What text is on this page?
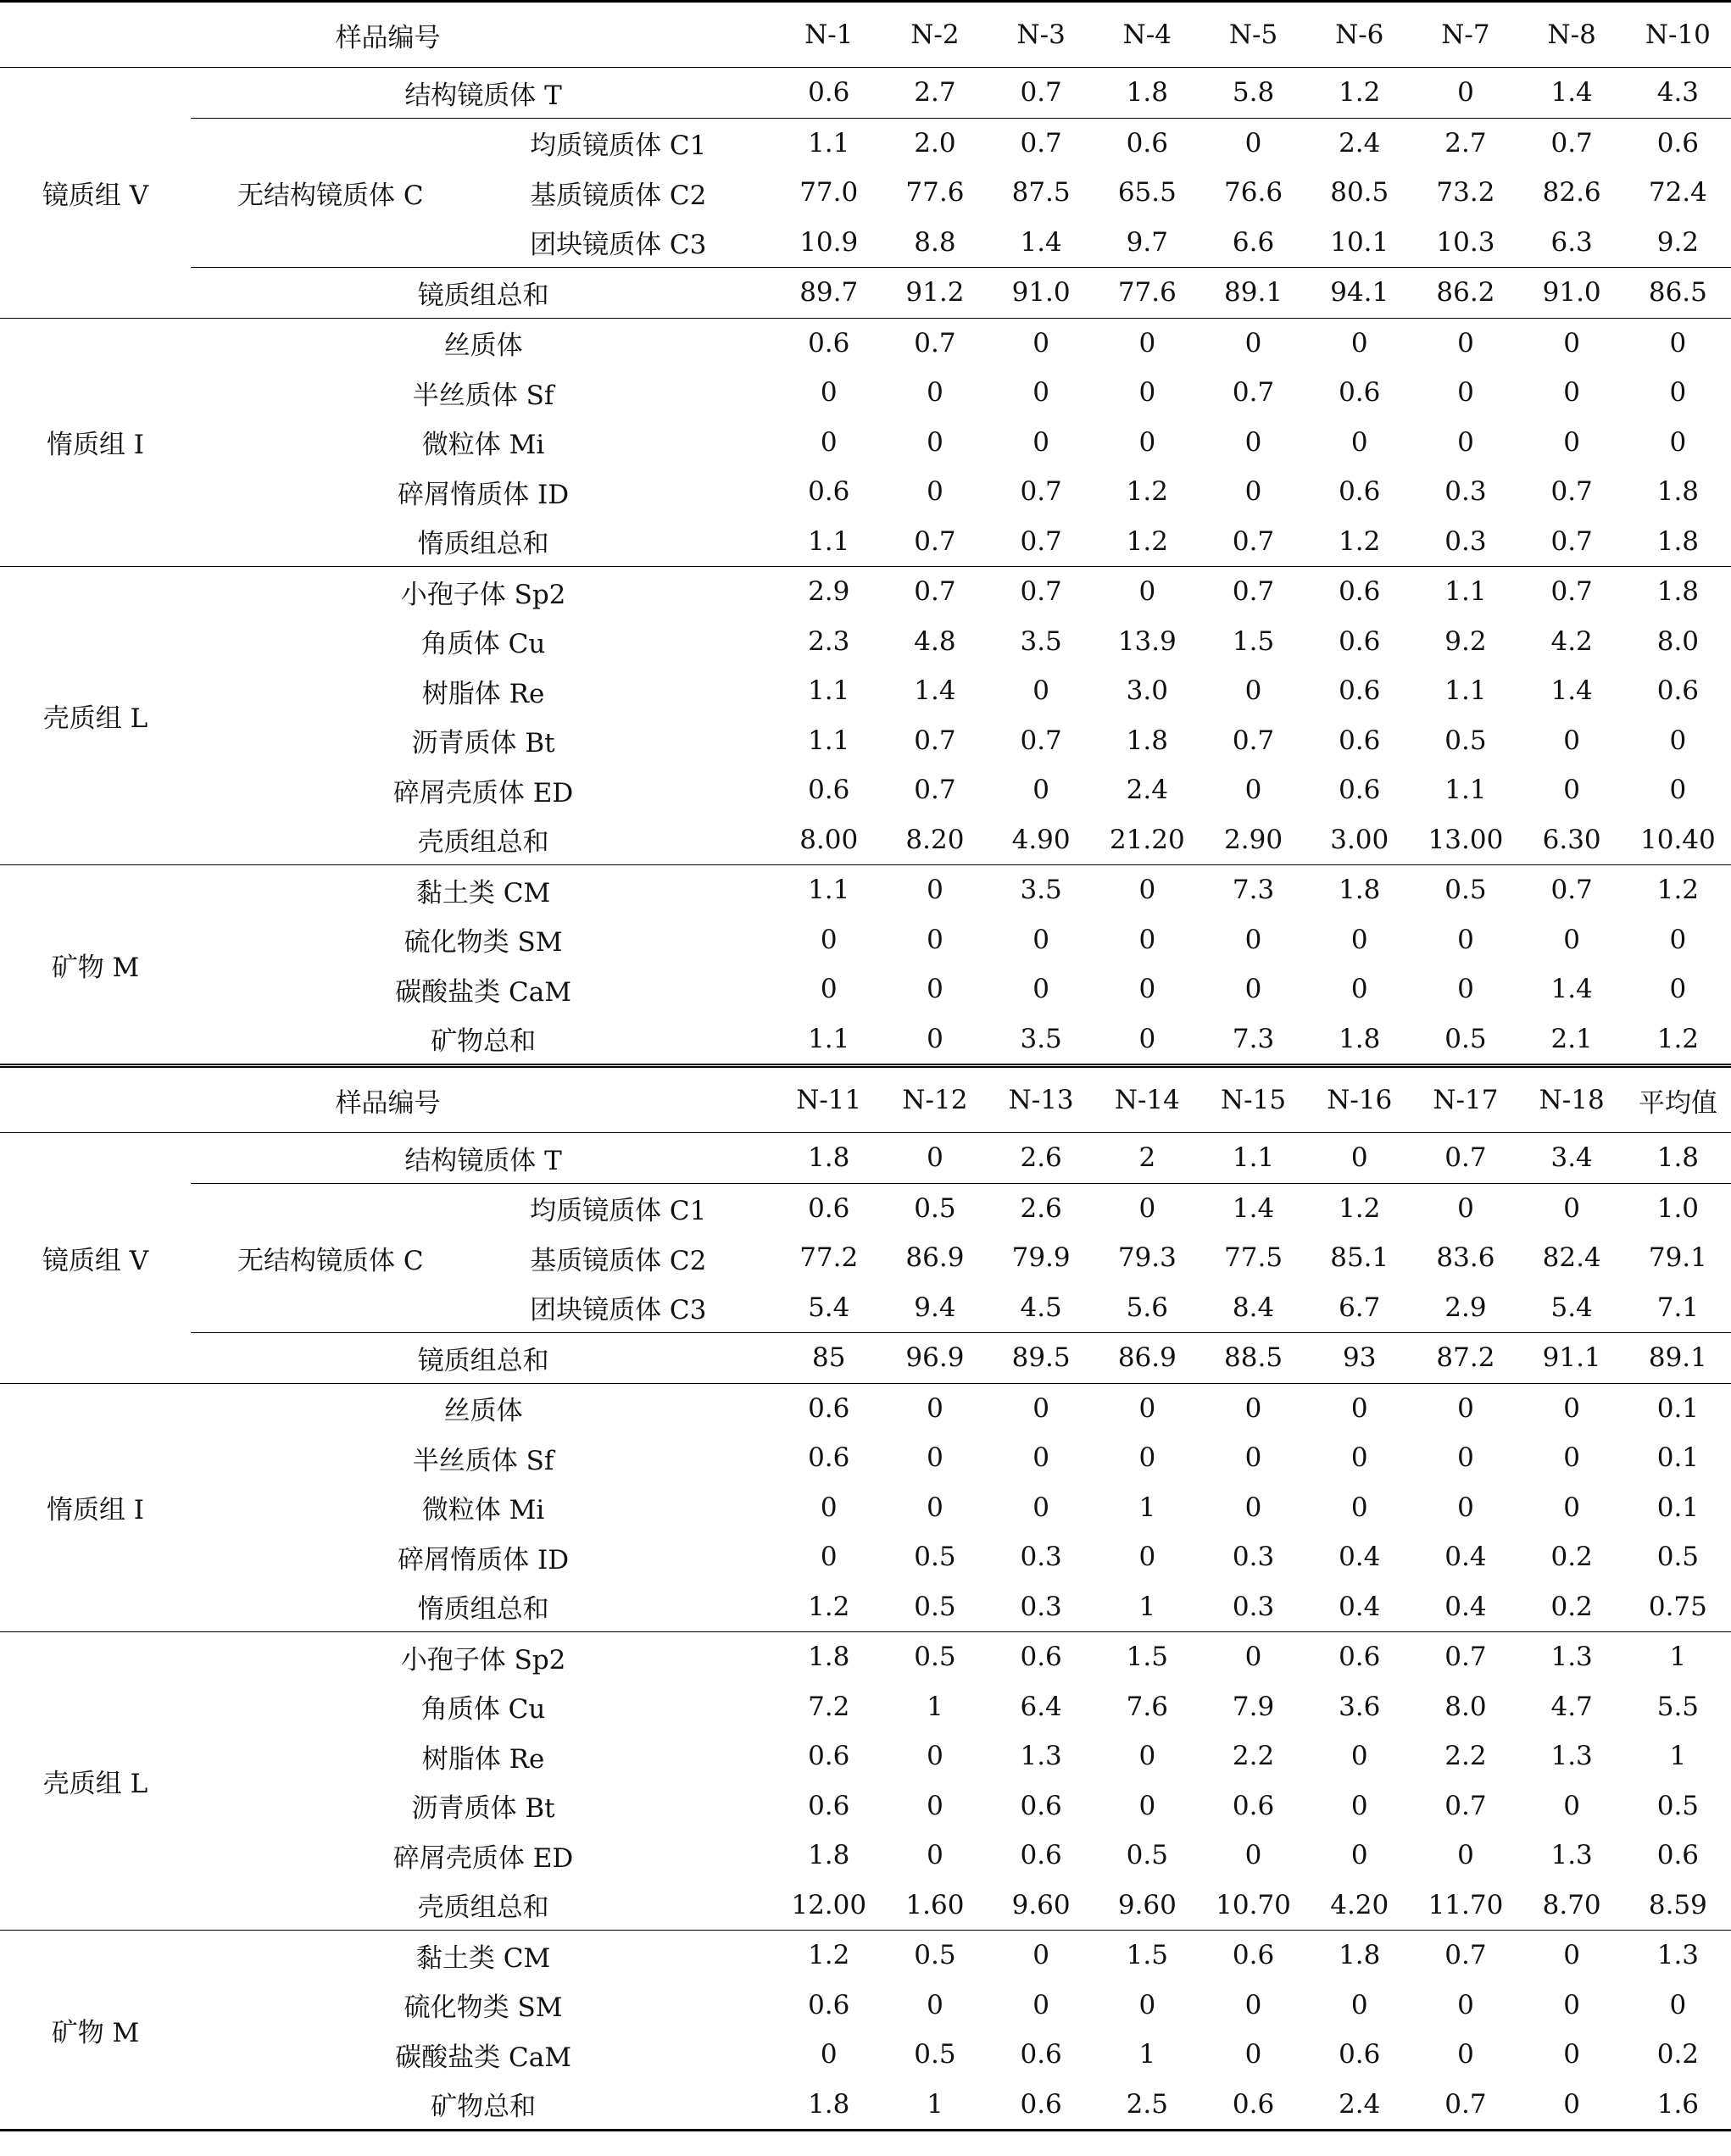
样品编号			N-1	N-2	N-3	N-4	N-5	N-6	N-7	N-8	N-10
镜质组 V	结构镜质体 T		0.6	2.7	0.7	1.8	5.8	1.2	0	1.4	4.3
	无结构镜质体 C	均质镜质体 C1	1.1	2.0	0.7	0.6	0	2.4	2.7	0.7	0.6
		基质镜质体 C2	77.0	77.6	87.5	65.5	76.6	80.5	73.2	82.6	72.4
		团块镜质体 C3	10.9	8.8	1.4	9.7	6.6	10.1	10.3	6.3	9.2
	镜质组总和		89.7	91.2	91.0	77.6	89.1	94.1	86.2	91.0	86.5
惰质组 I	丝质体		0.6	0.7	0	0	0	0	0	0	0
	半丝质体 Sf		0	0	0	0	0.7	0.6	0	0	0
	微粒体 Mi		0	0	0	0	0	0	0	0	0
	碎屑惰质体 ID		0.6	0	0.7	1.2	0	0.6	0.3	0.7	1.8
	惰质组总和		1.1	0.7	0.7	1.2	0.7	1.2	0.3	0.7	1.8
壳质组 L	小孢子体 Sp2		2.9	0.7	0.7	0	0.7	0.6	1.1	0.7	1.8
	角质体 Cu		2.3	4.8	3.5	13.9	1.5	0.6	9.2	4.2	8.0
	树脂体 Re		1.1	1.4	0	3.0	0	0.6	1.1	1.4	0.6
	沥青质体 Bt		1.1	0.7	0.7	1.8	0.7	0.6	0.5	0	0
	碎屑壳质体 ED		0.6	0.7	0	2.4	0	0.6	1.1	0	0
	壳质组总和		8.00	8.20	4.90	21.20	2.90	3.00	13.00	6.30	10.40
矿物 M	黏土类 CM		1.1	0	3.5	0	7.3	1.8	0.5	0.7	1.2
	硫化物类 SM		0	0	0	0	0	0	0	0	0
	碳酸盐类 CaM		0	0	0	0	0	0	0	1.4	0
	矿物总和		1.1	0	3.5	0	7.3	1.8	0.5	2.1	1.2
样品编号			N-11	N-12	N-13	N-14	N-15	N-16	N-17	N-18	平均值
镜质组 V	结构镜质体 T		1.8	0	2.6	2	1.1	0	0.7	3.4	1.8
	无结构镜质体 C	均质镜质体 C1	0.6	0.5	2.6	0	1.4	1.2	0	0	1.0
		基质镜质体 C2	77.2	86.9	79.9	79.3	77.5	85.1	83.6	82.4	79.1
		团块镜质体 C3	5.4	9.4	4.5	5.6	8.4	6.7	2.9	5.4	7.1
	镜质组总和		85	96.9	89.5	86.9	88.5	93	87.2	91.1	89.1
惰质组 I	丝质体		0.6	0	0	0	0	0	0	0	0.1
	半丝质体 Sf		0.6	0	0	0	0	0	0	0	0.1
	微粒体 Mi		0	0	0	1	0	0	0	0	0.1
	碎屑惰质体 ID		0	0.5	0.3	0	0.3	0.4	0.4	0.2	0.5
	惰质组总和		1.2	0.5	0.3	1	0.3	0.4	0.4	0.2	0.75
壳质组 L	小孢子体 Sp2		1.8	0.5	0.6	1.5	0	0.6	0.7	1.3	1
	角质体 Cu		7.2	1	6.4	7.6	7.9	3.6	8.0	4.7	5.5
	树脂体 Re		0.6	0	1.3	0	2.2	0	2.2	1.3	1
	沥青质体 Bt		0.6	0	0.6	0	0.6	0	0.7	0	0.5
	碎屑壳质体 ED		1.8	0	0.6	0.5	0	0	0	1.3	0.6
	壳质组总和		12.00	1.60	9.60	9.60	10.70	4.20	11.70	8.70	8.59
矿物 M	黏土类 CM		1.2	0.5	0	1.5	0.6	1.8	0.7	0	1.3
	硫化物类 SM		0.6	0	0	0	0	0	0	0	0
	碳酸盐类 CaM		0	0.5	0.6	1	0	0.6	0	0	0.2
	矿物总和		1.8	1	0.6	2.5	0.6	2.4	0.7	0	1.6
